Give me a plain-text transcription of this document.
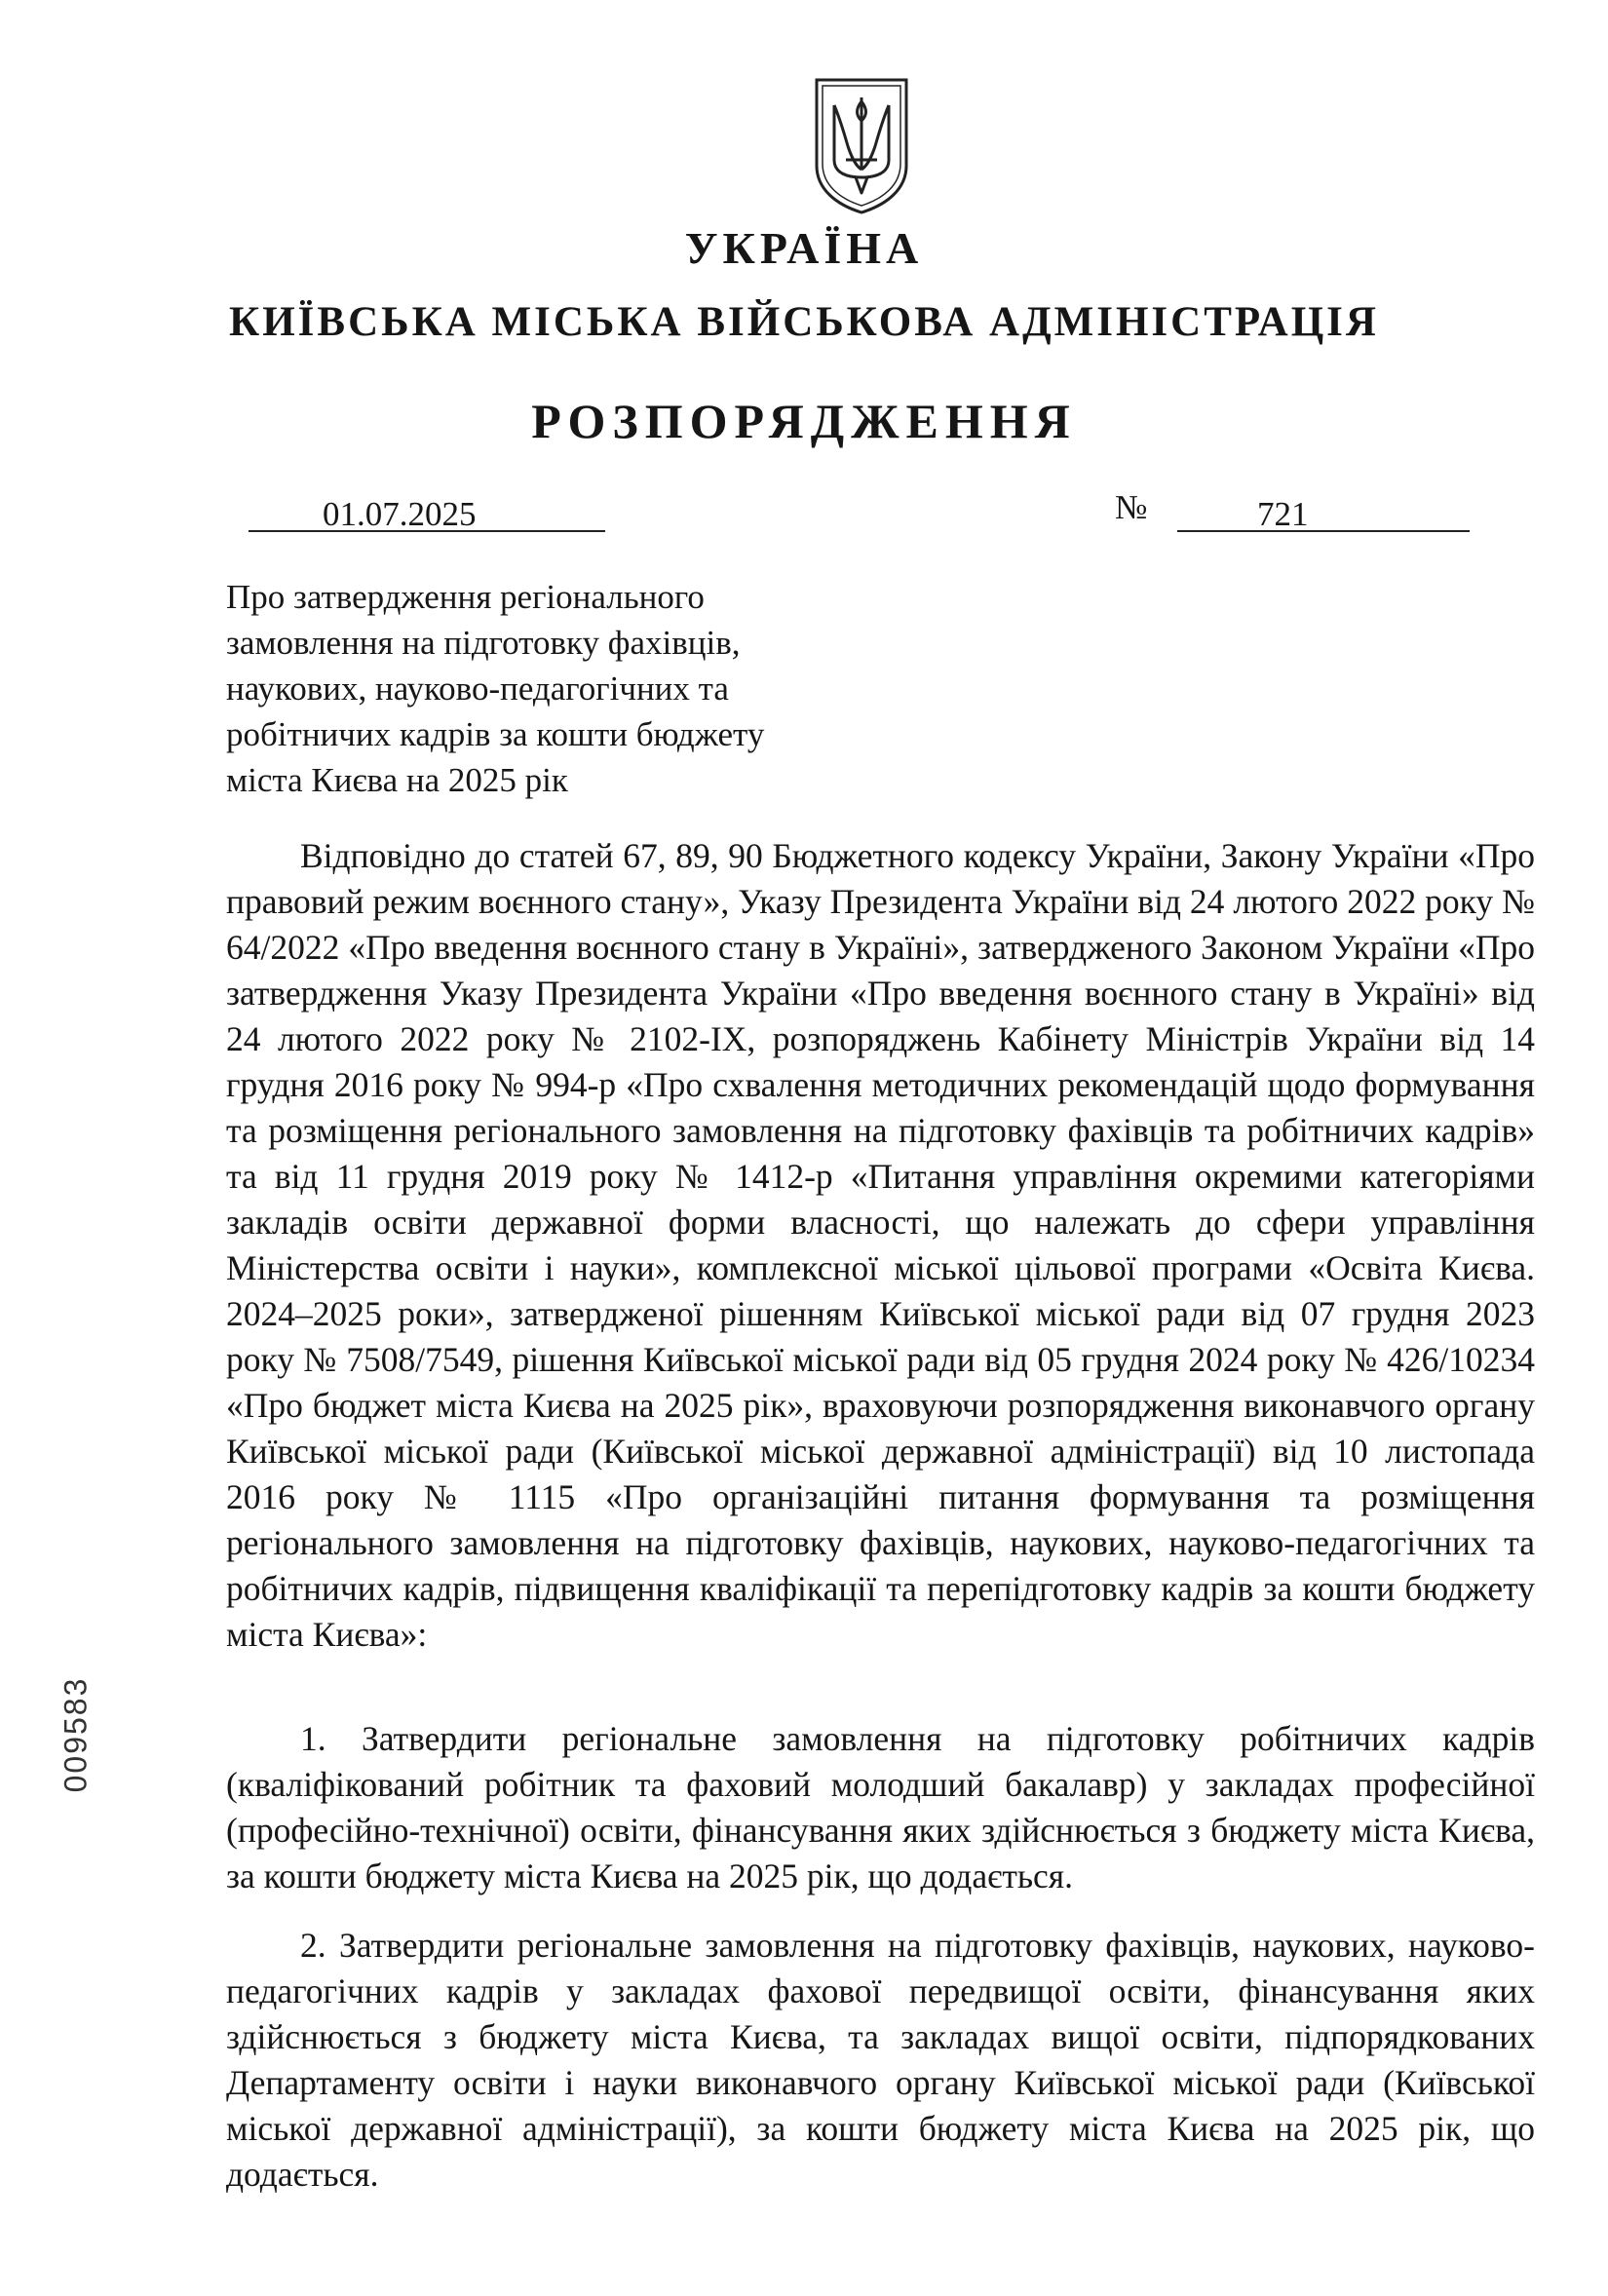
УКРАЇНА
КИЇВСЬКА МІСЬКА ВІЙСЬКОВА АДМІНІСТРАЦІЯ
РОЗПОРЯДЖЕННЯ
01.07.2025	№	721
Про затвердження регіонального
замовлення на підготовку фахівців,
наукових, науково-педагогічних та
робітничих кадрів за кошти бюджету
міста Києва на 2025 рік
Відповідно до статей 67, 89, 90 Бюджетного кодексу України, Закону України «Про правовий режим воєнного стану», Указу Президента України від 24 лютого 2022 року № 64/2022 «Про введення воєнного стану в Україні», затвердженого Законом України «Про затвердження Указу Президента України «Про введення воєнного стану в Україні» від 24 лютого 2022 року № 2102-IX, розпоряджень Кабінету Міністрів України від 14 грудня 2016 року № 994-р «Про схвалення методичних рекомендацій щодо формування та розміщення регіонального замовлення на підготовку фахівців та робітничих кадрів» та від 11 грудня 2019 року № 1412-р «Питання управління окремими категоріями закладів освіти державної форми власності, що належать до сфери управління Міністерства освіти і науки», комплексної міської цільової програми «Освіта Києва. 2024–2025 роки», затвердженої рішенням Київської міської ради від 07 грудня 2023 року № 7508/7549, рішення Київської міської ради від 05 грудня 2024 року № 426/10234 «Про бюджет міста Києва на 2025 рік», враховуючи розпорядження виконавчого органу Київської міської ради (Київської міської державної адміністрації) від 10 листопада 2016 року № 1115 «Про організаційні питання формування та розміщення регіонального замовлення на підготовку фахівців, наукових, науково-педагогічних та робітничих кадрів, підвищення кваліфікації та перепідготовку кадрів за кошти бюджету міста Києва»:
1. Затвердити регіональне замовлення на підготовку робітничих кадрів (кваліфікований робітник та фаховий молодший бакалавр) у закладах професійної (професійно-технічної) освіти, фінансування яких здійснюється з бюджету міста Києва, за кошти бюджету міста Києва на 2025 рік, що додається.
2. Затвердити регіональне замовлення на підготовку фахівців, наукових, науково-педагогічних кадрів у закладах фахової передвищої освіти, фінансування яких здійснюється з бюджету міста Києва, та закладах вищої освіти, підпорядкованих Департаменту освіти і науки виконавчого органу Київської міської ради (Київської міської державної адміністрації), за кошти бюджету міста Києва на 2025 рік, що додається.
009583
